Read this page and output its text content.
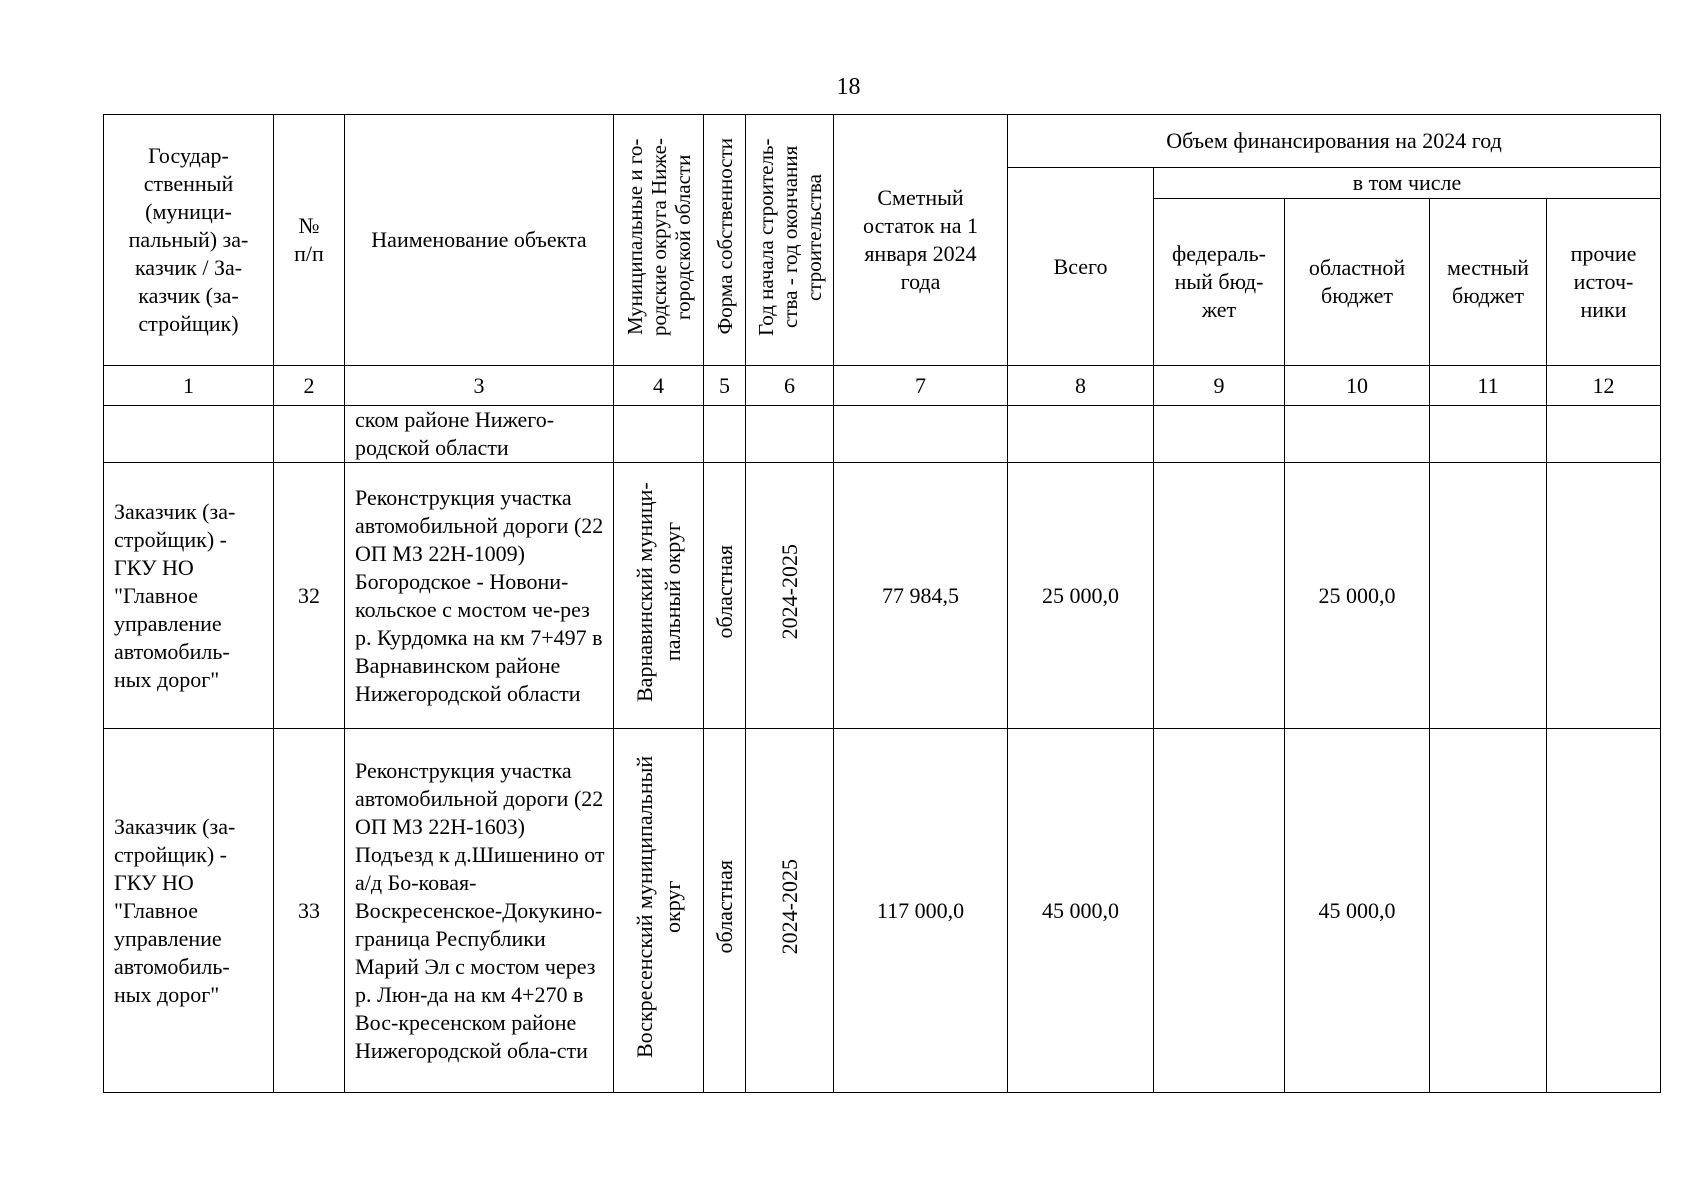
18
Государ-ственный (муници-пальный) за-казчик / За-казчик (за-стройщик)	№ п/п	Наименование объекта	Муниципальные и го-родские округа Ниже-городской области	Форма собственности	Год начала строитель-ства - год окончания строительства	Сметный остаток на 1 января 2024 года	Объем финансирования на 2024 год				
							Всего	в том числе			
								федераль-ный бюд-жет	областной бюджет	местный бюджет	прочие источ-ники
1	2	3	4	5	6	7	8	9	10	11	12
		ском районе Нижего-родской области									
Заказчик (за-стройщик) - ГКУ НО "Главное управление автомобиль-ных дорог"	32	Реконструкция участка автомобильной дороги (22 ОП МЗ 22Н-1009) Богородское - Новони-кольское с мостом че-рез р. Курдомка на км 7+497 в Варнавинском районе Нижегородской области	Варнавинский муници-пальный округ	областная	2024-2025	77 984,5	25 000,0		25 000,0		
Заказчик (за-стройщик) - ГКУ НО "Главное управление автомобиль-ных дорог"	33	Реконструкция участка автомобильной дороги (22 ОП МЗ 22Н-1603) Подъезд к д.Шишенино от а/д Бо-ковая-Воскресенское-Докукино-граница Республики Марий Эл с мостом через р. Люн-да на км 4+270 в Вос-кресенском районе Нижегородской обла-сти	Воскресенский муниципальный округ	областная	2024-2025	117 000,0	45 000,0		45 000,0		
